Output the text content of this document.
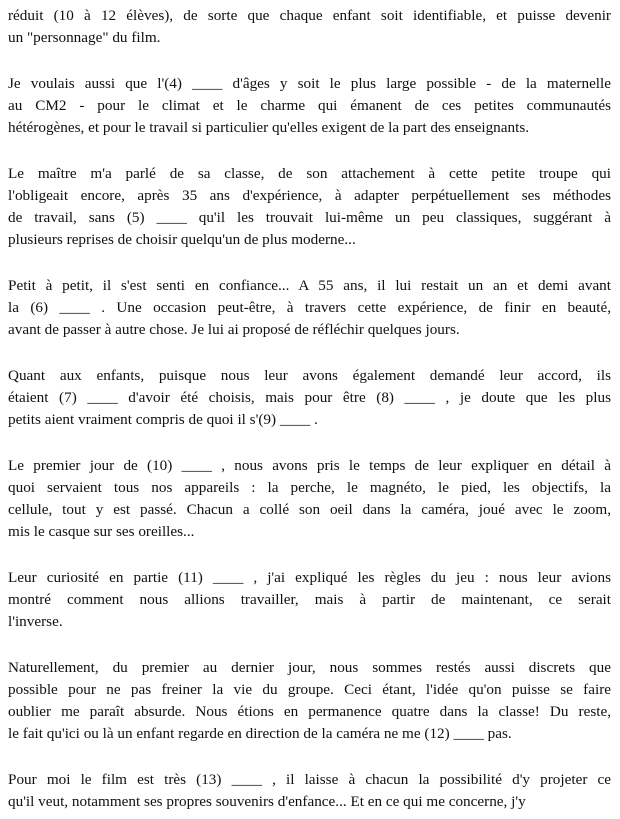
réduit (10 à 12 élèves), de sorte que chaque enfant soit identifiable, et puisse devenir
un "personnage" du film.
Je voulais aussi que l'(4) ____ d'âges y soit le plus large possible - de la maternelle
au CM2 - pour le climat et le charme qui émanent de ces petites communautés
hétérogènes, et pour le travail si particulier qu'elles exigent de la part des enseignants.
Le maître m'a parlé de sa classe, de son attachement à cette petite troupe qui
l'obligeait encore, après 35 ans d'expérience, à adapter perpétuellement ses méthodes
de travail, sans (5) ____ qu'il les trouvait lui-même un peu classiques, suggérant à
plusieurs reprises de choisir quelqu'un de plus moderne...
Petit à petit, il s'est senti en confiance... A 55 ans, il lui restait un an et demi avant
la (6) ____ . Une occasion peut-être, à travers cette expérience, de finir en beauté,
avant de passer à autre chose. Je lui ai proposé de réfléchir quelques jours.
Quant aux enfants, puisque nous leur avons également demandé leur accord, ils
étaient (7) ____ d'avoir été choisis, mais pour être (8) ____ , je doute que les plus
petits aient vraiment compris de quoi il s'(9) ____ .
Le premier jour de (10) ____ , nous avons pris le temps de leur expliquer en détail à
quoi servaient tous nos appareils : la perche, le magnéto, le pied, les objectifs, la
cellule, tout y est passé. Chacun a collé son oeil dans la caméra, joué avec le zoom,
mis le casque sur ses oreilles...
Leur curiosité en partie (11) ____ , j'ai expliqué les règles du jeu : nous leur avions
montré comment nous allions travailler, mais à partir de maintenant, ce serait
l'inverse.
Naturellement, du premier au dernier jour, nous sommes restés aussi discrets que
possible pour ne pas freiner la vie du groupe. Ceci étant, l'idée qu'on puisse se faire
oublier me paraît absurde. Nous étions en permanence quatre dans la classe! Du reste,
le fait qu'ici ou là un enfant regarde en direction de la caméra ne me (12) ____ pas.
Pour moi le film est très (13) ____ , il laisse à chacun la possibilité d'y projeter ce
qu'il veut, notamment ses propres souvenirs d'enfance... Et en ce qui me concerne, j'y
